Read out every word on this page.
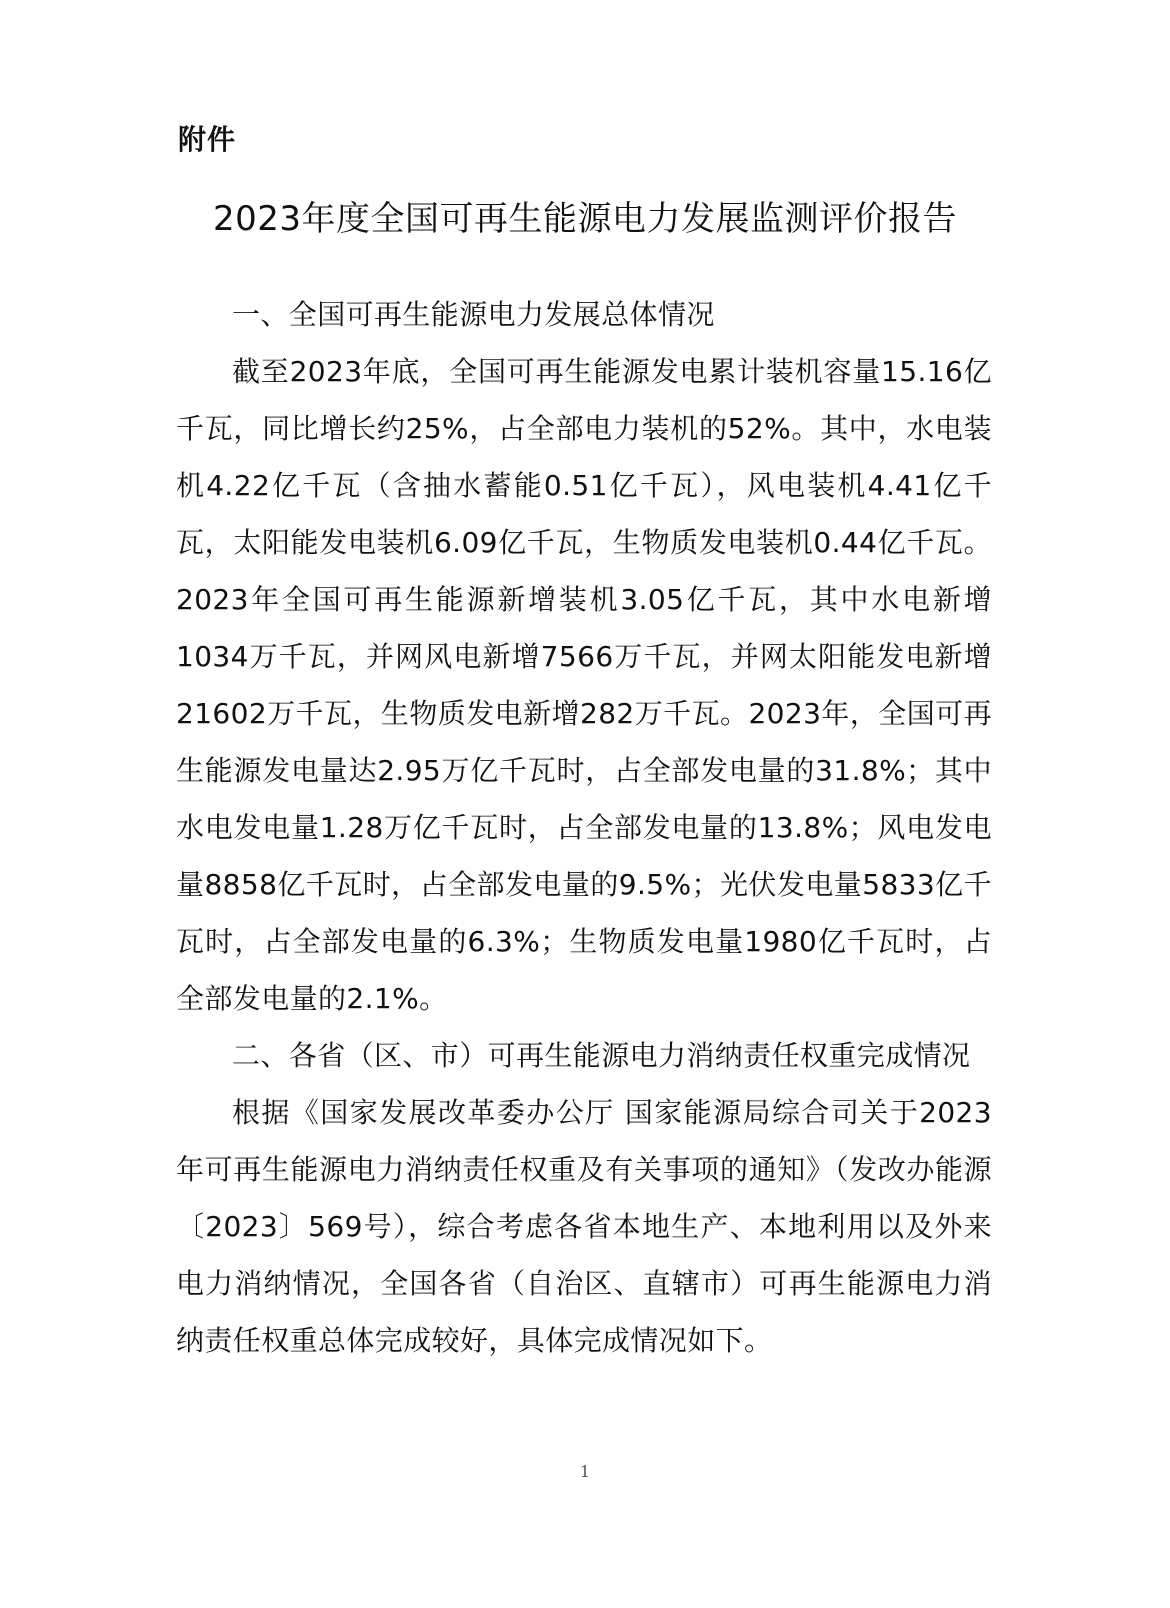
附件
2023年度全国可再生能源电力发展监测评价报告

一、全国可再生能源电力发展总体情况

截至2023年底，全国可再生能源发电累计装机容量15.16亿千瓦，同比增长约25%，占全部电力装机的52%。其中，水电装机4.22亿千瓦（含抽水蓄能0.51亿千瓦），风电装机4.41亿千瓦，太阳能发电装机6.09亿千瓦，生物质发电装机0.44亿千瓦。2023年全国可再生能源新增装机3.05亿千瓦，其中水电新增1034万千瓦，并网风电新增7566万千瓦，并网太阳能发电新增21602万千瓦，生物质发电新增282万千瓦。2023年，全国可再生能源发电量达2.95万亿千瓦时，占全部发电量的31.8%；其中水电发电量1.28万亿千瓦时，占全部发电量的13.8%；风电发电量8858亿千瓦时，占全部发电量的9.5%；光伏发电量5833亿千瓦时，占全部发电量的6.3%；生物质发电量1980亿千瓦时，占全部发电量的2.1%。

二、各省（区、市）可再生能源电力消纳责任权重完成情况

根据《国家发展改革委办公厅 国家能源局综合司关于2023年可再生能源电力消纳责任权重及有关事项的通知》（发改办能源〔2023〕569号），综合考虑各省本地生产、本地利用以及外来电力消纳情况，全国各省（自治区、直辖市）可再生能源电力消纳责任权重总体完成较好，具体完成情况如下。

1
